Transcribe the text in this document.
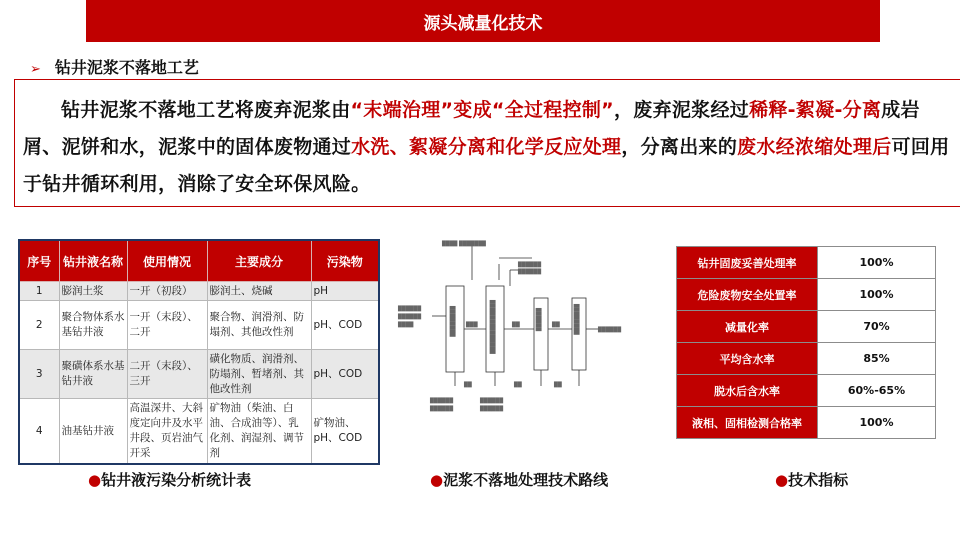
源头减量化技术
➢ 钻井泥浆不落地工艺
钻井泥浆不落地工艺将废弃泥浆由“末端治理”变成“全过程控制”，废弃泥浆经过稀释-絮凝-分离成岩屑、泥饼和水，泥浆中的固体废物通过水洗、絮凝分离和化学反应处理，分离出来的废水经浓缩处理后可回用于钻井循环利用，消除了安全环保风险。
序号	钻井液名称	使用情况	主要成分	污染物
1	膨润土浆	一开（初段）	膨润土、烧碱	pH
2	聚合物体系水基钻井液	一开（末段）、二开	聚合物、润滑剂、防塌剂、其他改性剂	pH、COD
3	聚磺体系水基钻井液	二开（末段）、三开	磺化物质、润滑剂、防塌剂、暂堵剂、其他改性剂	pH、COD
4	油基钻井液	高温深井、大斜度定向井及水平井段、页岩油气开采	矿物油（柴油、白油、合成油等）、乳化剂、润湿剂、调节剂	矿物油、pH、COD
████ ███████
██████
██████
██████
██████
████	████████	██████████████	██████	████████	██████
███	██	██
██	██	██
██████
██████
██████
██████
钻井固废妥善处理率	100%
危险废物安全处置率	100%
减量化率	70%
平均含水率	85%
脱水后含水率	60%-65%
液相、固相检测合格率	100%
●钻井液污染分析统计表	●泥浆不落地处理技术路线	●技术指标
